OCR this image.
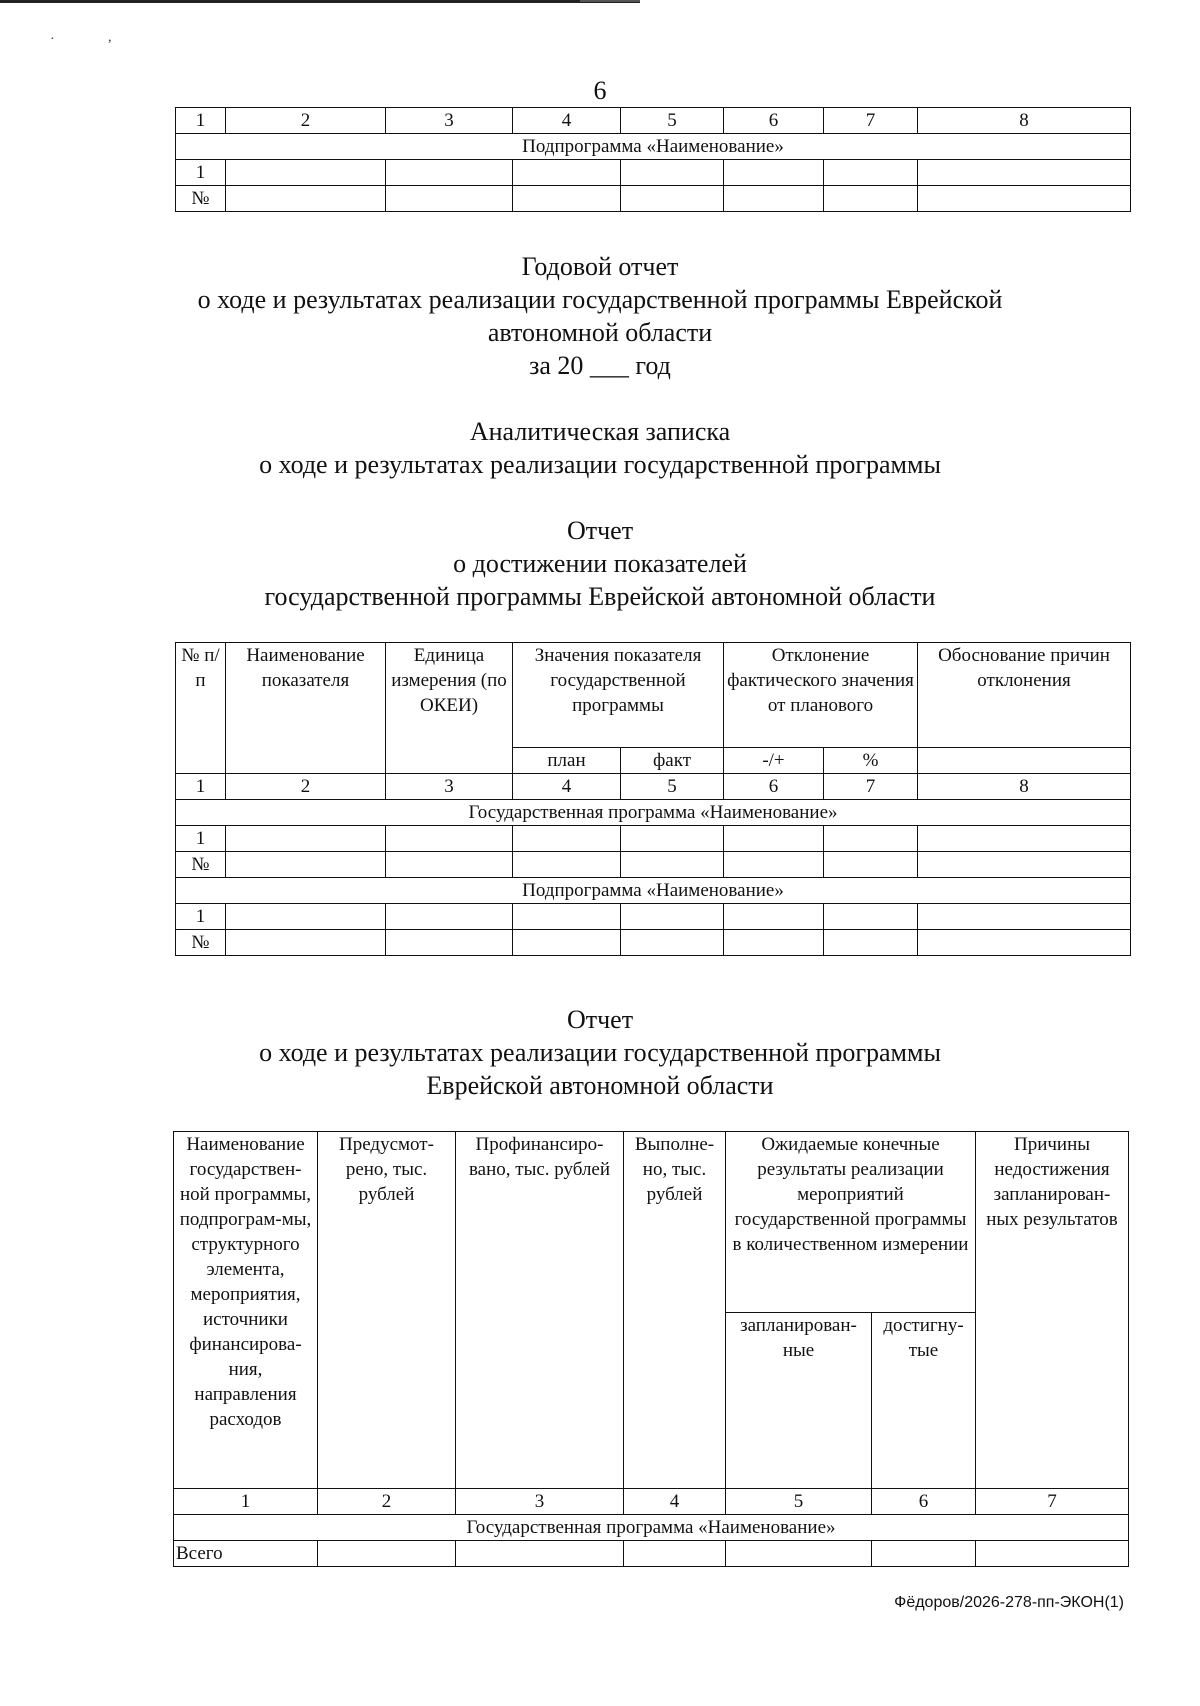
·	,
6
1	2	3	4	5	6	7	8
Подпрограмма «Наименование»							
1							
№							
Годовой отчет
о ходе и результатах реализации государственной программы Еврейской
автономной области
за 20 ___ год
Аналитическая записка
о ходе и результатах реализации государственной программы
Отчет
о достижении показателей
государственной программы Еврейской автономной области
№ п/п	Наименование показателя	Единица измерения (по ОКЕИ)	Значения показателя государственной программы		Отклонение фактического значения от планового		Обоснование причин отклонения
			план	факт	-/+	%	
1	2	3	4	5	6	7	8
Государственная программа «Наименование»							
1							
№							
Подпрограмма «Наименование»							
1							
№							
Отчет
о ходе и результатах реализации государственной программы
Еврейской автономной области
Наименование государствен-ной программы, подпрограм-мы, структурного элемента, мероприятия, источники финансирова-ния, направления расходов	Предусмот-рено, тыс. рублей	Профинансиро-вано, тыс. рублей	Выполне-но, тыс. рублей	Ожидаемые конечные результаты реализации мероприятий государственной программы в количественном измерении		Причины недостижения запланирован-ных результатов
				запланирован-ные	достигну-тые	
1	2	3	4	5	6	7
Государственная программа «Наименование»						
Всего						
Фёдоров/2026-278-пп-ЭКОН(1)
